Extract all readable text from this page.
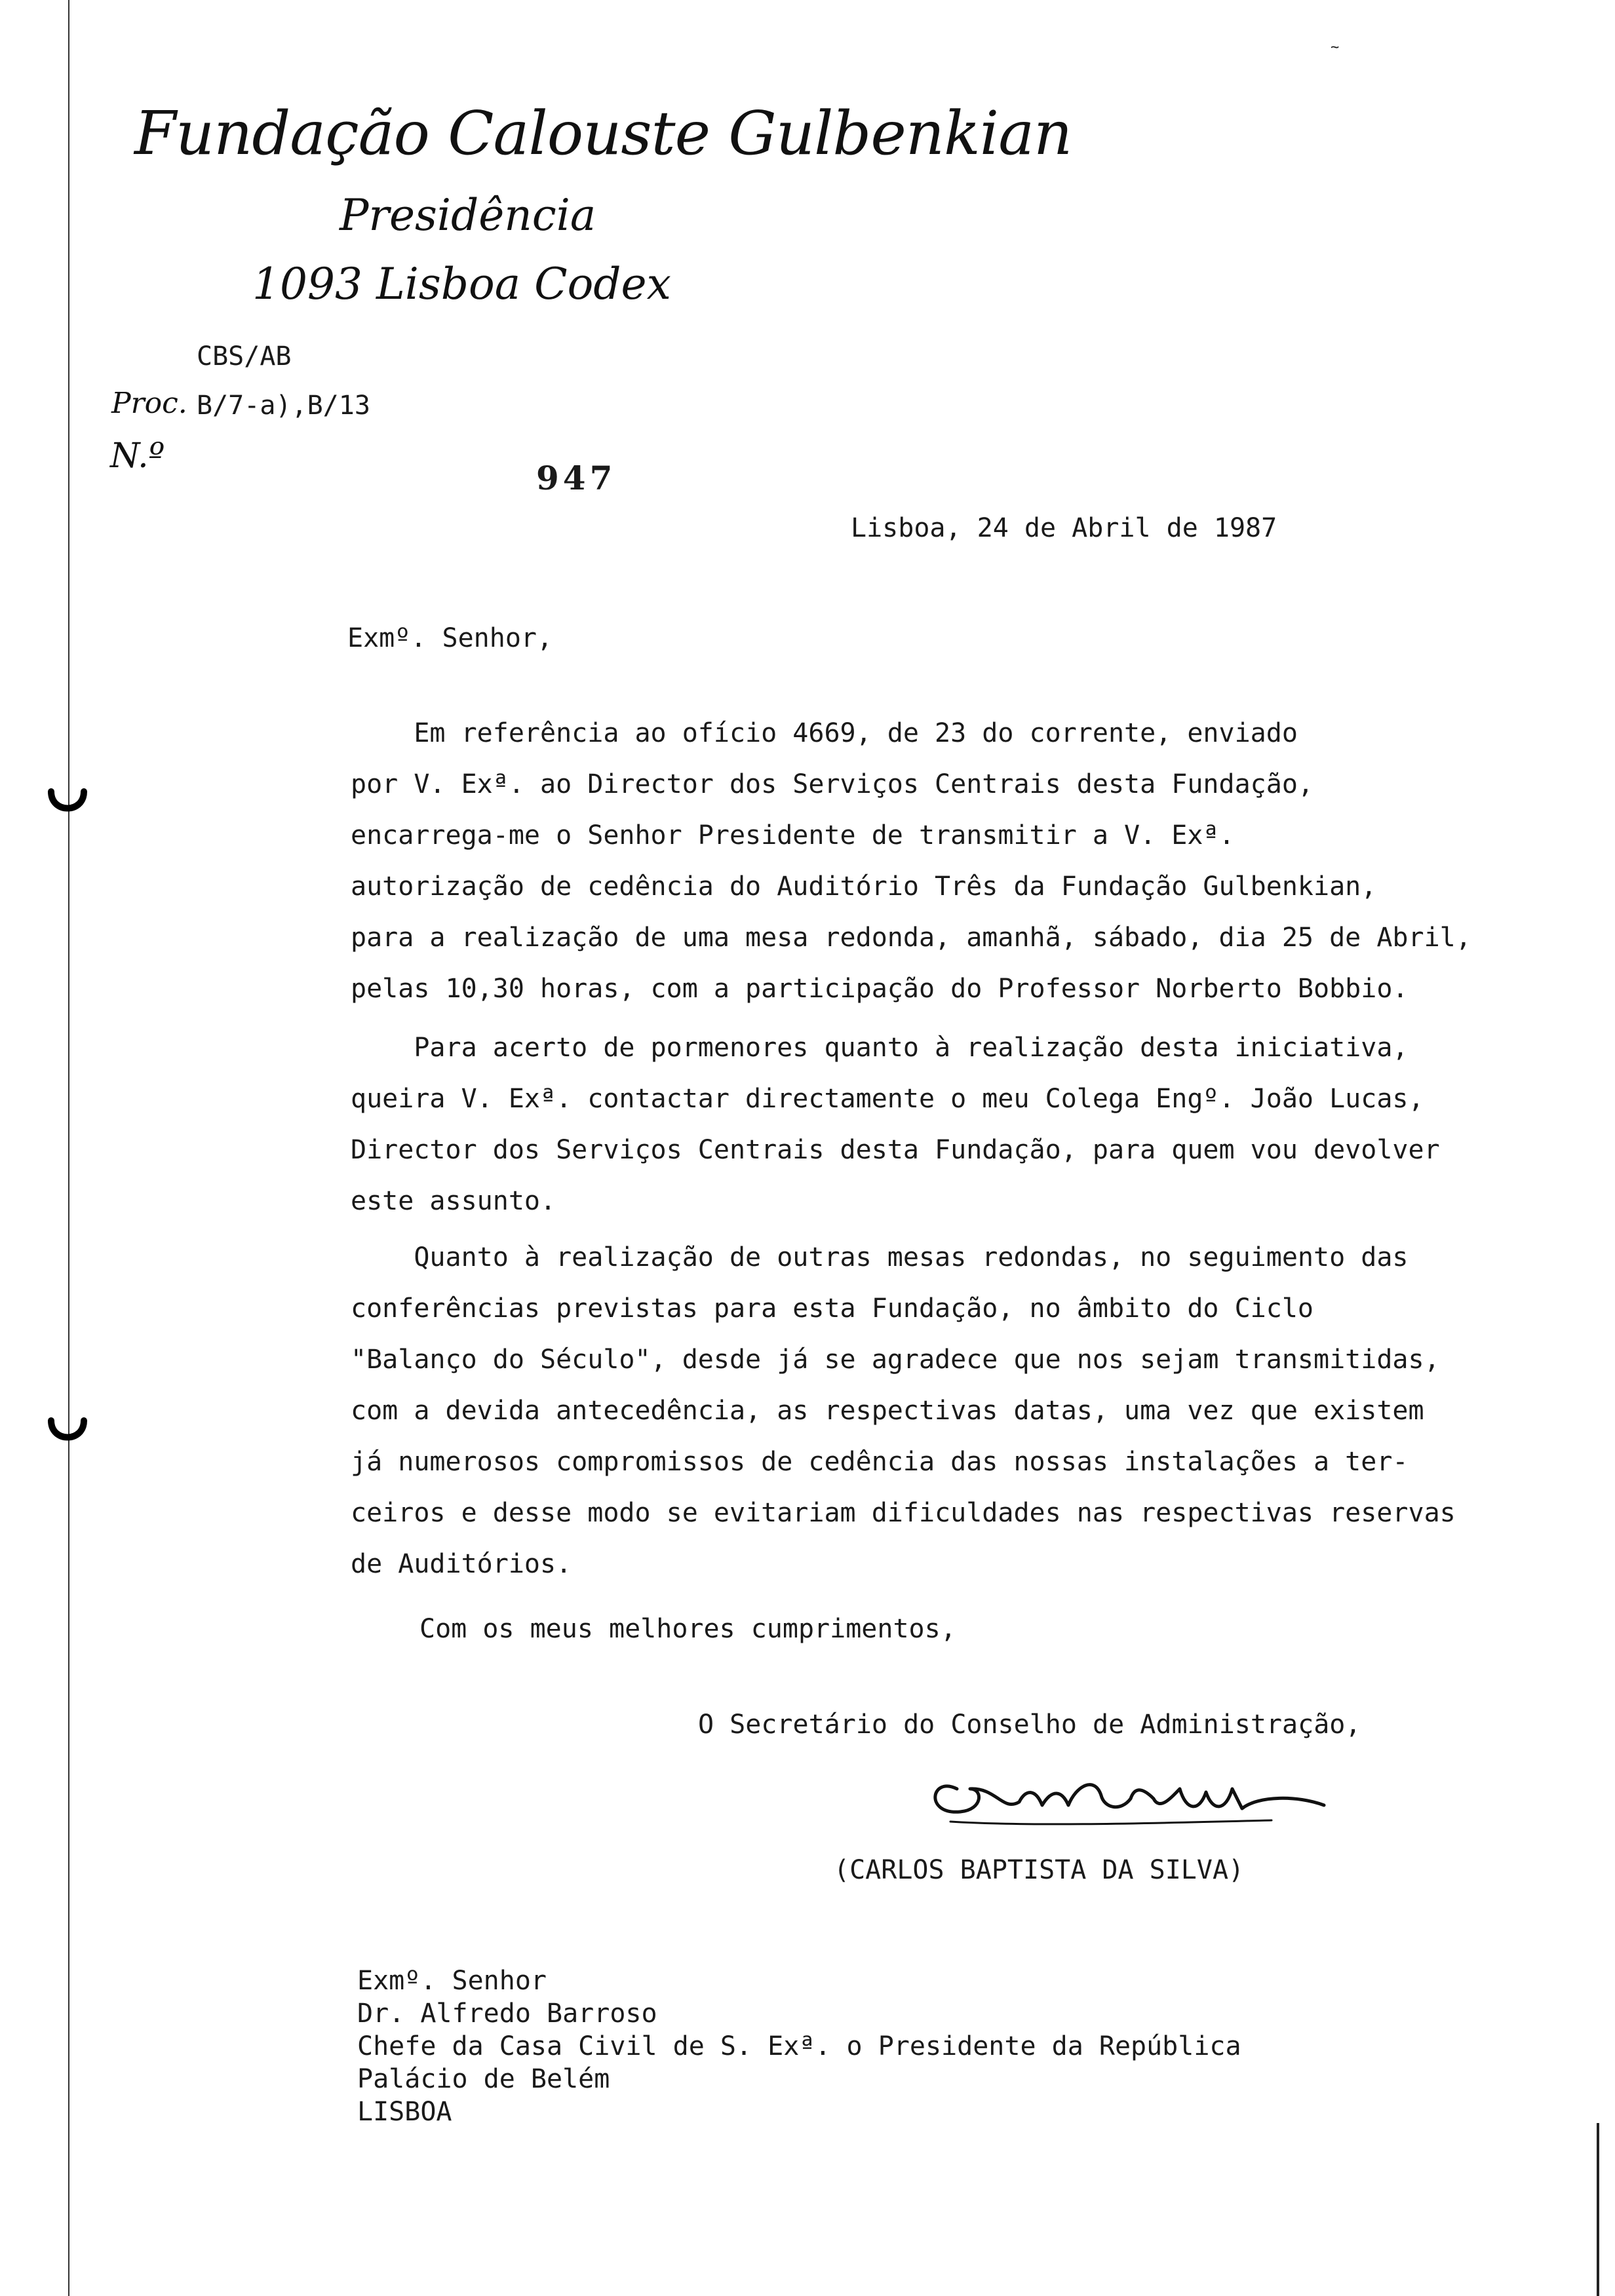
~
Fundação Calouste Gulbenkian
Presidência
1093 Lisboa Codex
CBS/AB
Proc. B/7-a),B/13
N.º
947
Lisboa, 24 de Abril de 1987
Exmº. Senhor,
Em referência ao ofício 4669, de 23 do corrente, enviado
por V. Exª. ao Director dos Serviços Centrais desta Fundação,
encarrega-me o Senhor Presidente de transmitir a V. Exª.
autorização de cedência do Auditório Três da Fundação Gulbenkian,
para a realização de uma mesa redonda, amanhã, sábado, dia 25 de Abril,
pelas 10,30 horas, com a participação do Professor Norberto Bobbio.
Para acerto de pormenores quanto à realização desta iniciativa,
queira V. Exª. contactar directamente o meu Colega Engº. João Lucas,
Director dos Serviços Centrais desta Fundação, para quem vou devolver
este assunto.
Quanto à realização de outras mesas redondas, no seguimento das
conferências previstas para esta Fundação, no âmbito do Ciclo
"Balanço do Século", desde já se agradece que nos sejam transmitidas,
com a devida antecedência, as respectivas datas, uma vez que existem
já numerosos compromissos de cedência das nossas instalações a ter-
ceiros e desse modo se evitariam dificuldades nas respectivas reservas
de Auditórios.
Com os meus melhores cumprimentos,
O Secretário do Conselho de Administração,
(CARLOS BAPTISTA DA SILVA)
Exmº. Senhor
Dr. Alfredo Barroso
Chefe da Casa Civil de S. Exª. o Presidente da República
Palácio de Belém
LISBOA
